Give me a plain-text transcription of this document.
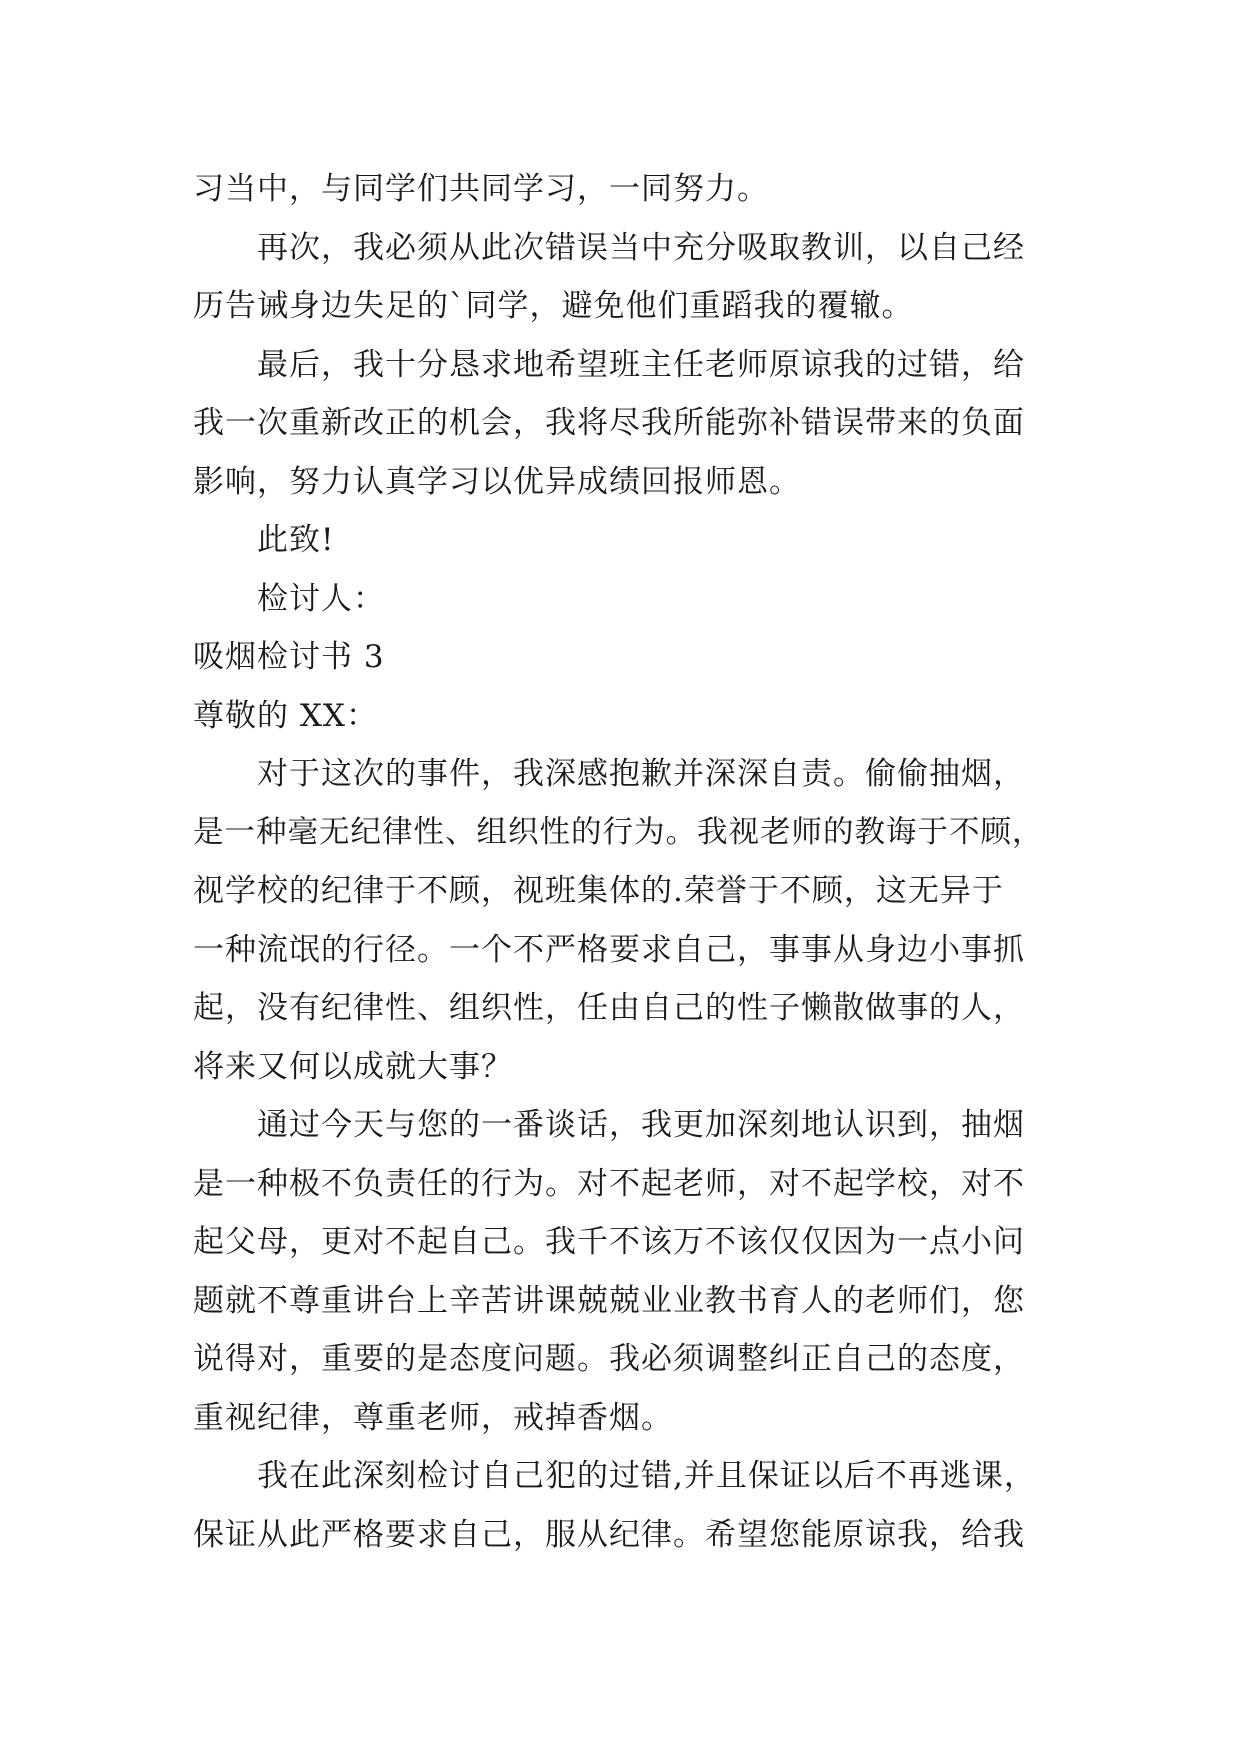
习当中，与同学们共同学习，一同努力。
再次，我必须从此次错误当中充分吸取教训，以自己经
历告诫身边失足的`同学，避免他们重蹈我的覆辙。
最后，我十分恳求地希望班主任老师原谅我的过错，给
我一次重新改正的机会，我将尽我所能弥补错误带来的负面
影响，努力认真学习以优异成绩回报师恩。
此致!
检讨人：
吸烟检讨书 3
尊敬的 XX：
对于这次的事件，我深感抱歉并深深自责。偷偷抽烟，
是一种毫无纪律性、组织性的行为。我视老师的教诲于不顾，
视学校的纪律于不顾，视班集体的.荣誉于不顾，这无异于
一种流氓的行径。一个不严格要求自己，事事从身边小事抓
起，没有纪律性、组织性，任由自己的性子懒散做事的人，
将来又何以成就大事？
通过今天与您的一番谈话，我更加深刻地认识到，抽烟
是一种极不负责任的行为。对不起老师，对不起学校，对不
起父母，更对不起自己。我千不该万不该仅仅因为一点小问
题就不尊重讲台上辛苦讲课兢兢业业教书育人的老师们，您
说得对，重要的是态度问题。我必须调整纠正自己的态度，
重视纪律，尊重老师，戒掉香烟。
我在此深刻检讨自己犯的过错,并且保证以后不再逃课，
保证从此严格要求自己，服从纪律。希望您能原谅我，给我
